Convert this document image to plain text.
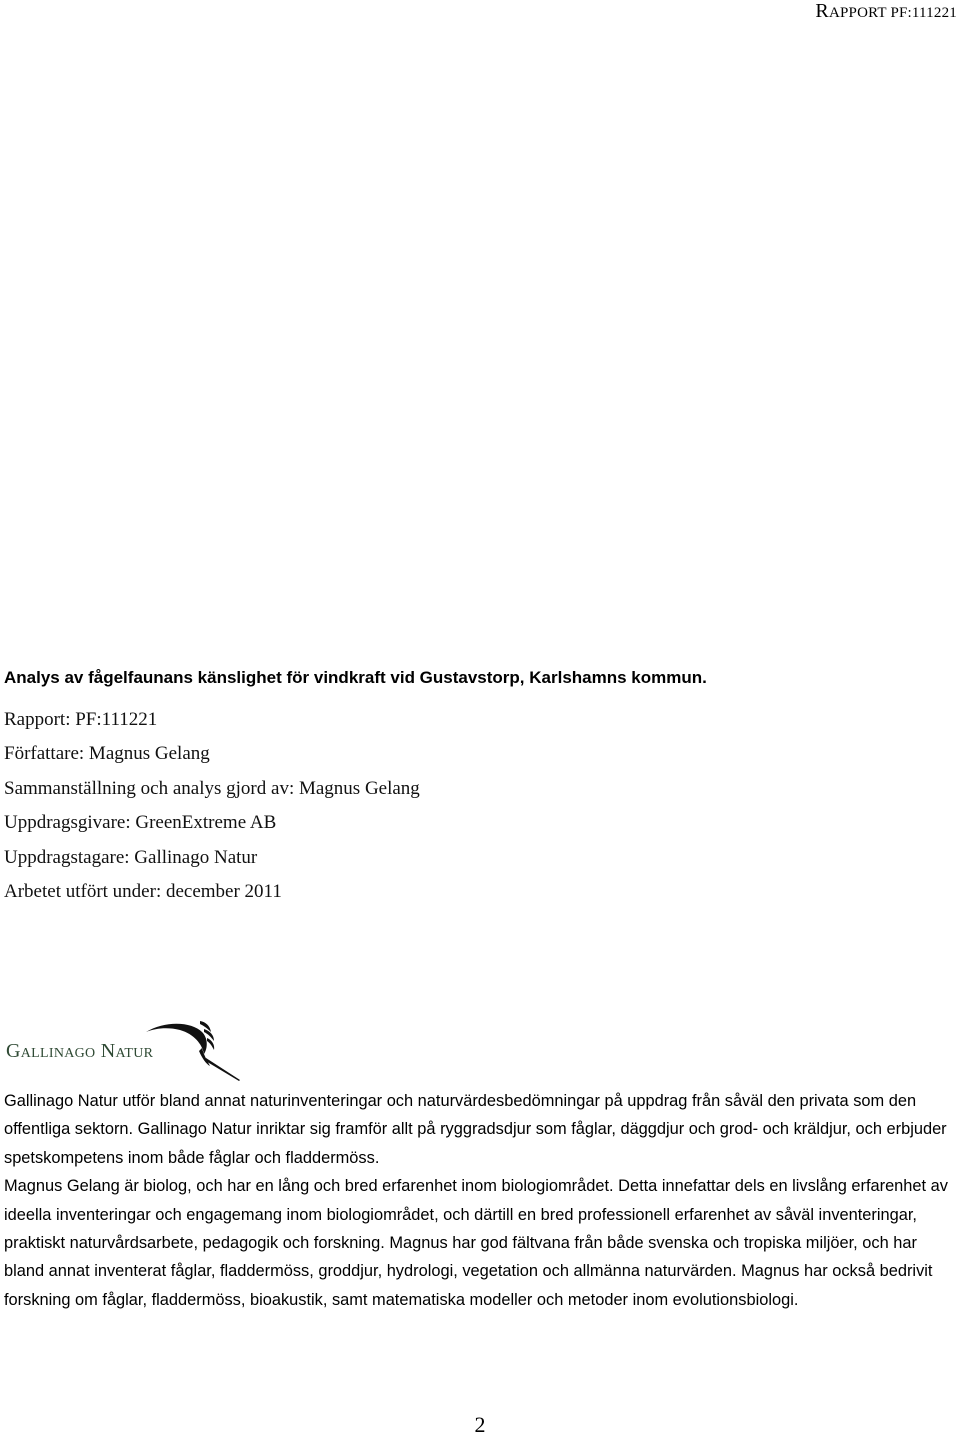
RAPPORT PF:111221
Analys av fågelfaunans känslighet för vindkraft vid Gustavstorp, Karlshamns kommun.
Rapport: PF:111221
Författare: Magnus Gelang
Sammanställning och analys gjord av: Magnus Gelang
Uppdragsgivare: GreenExtreme AB
Uppdragstagare: Gallinago Natur
Arbetet utfört under: december 2011
Gallinago Natur

Gallinago Natur utför bland annat naturinventeringar och naturvärdesbedömningar på uppdrag från såväl den privata som den offentliga sektorn. Gallinago Natur inriktar sig framför allt på ryggradsdjur som fåglar, däggdjur och grod- och kräldjur, och erbjuder spetskompetens inom både fåglar och fladdermöss.

Magnus Gelang är biolog, och har en lång och bred erfarenhet inom biologiområdet. Detta innefattar dels en livslång erfarenhet av ideella inventeringar och engagemang inom biologiområdet, och därtill en bred professionell erfarenhet av såväl inventeringar, praktiskt naturvårdsarbete, pedagogik och forskning. Magnus har god fältvana från både svenska och tropiska miljöer, och har bland annat inventerat fåglar, fladdermöss, groddjur, hydrologi, vegetation och allmänna naturvärden. Magnus har också bedrivit forskning om fåglar, fladdermöss, bioakustik, samt matematiska modeller och metoder inom evolutionsbiologi.

2
